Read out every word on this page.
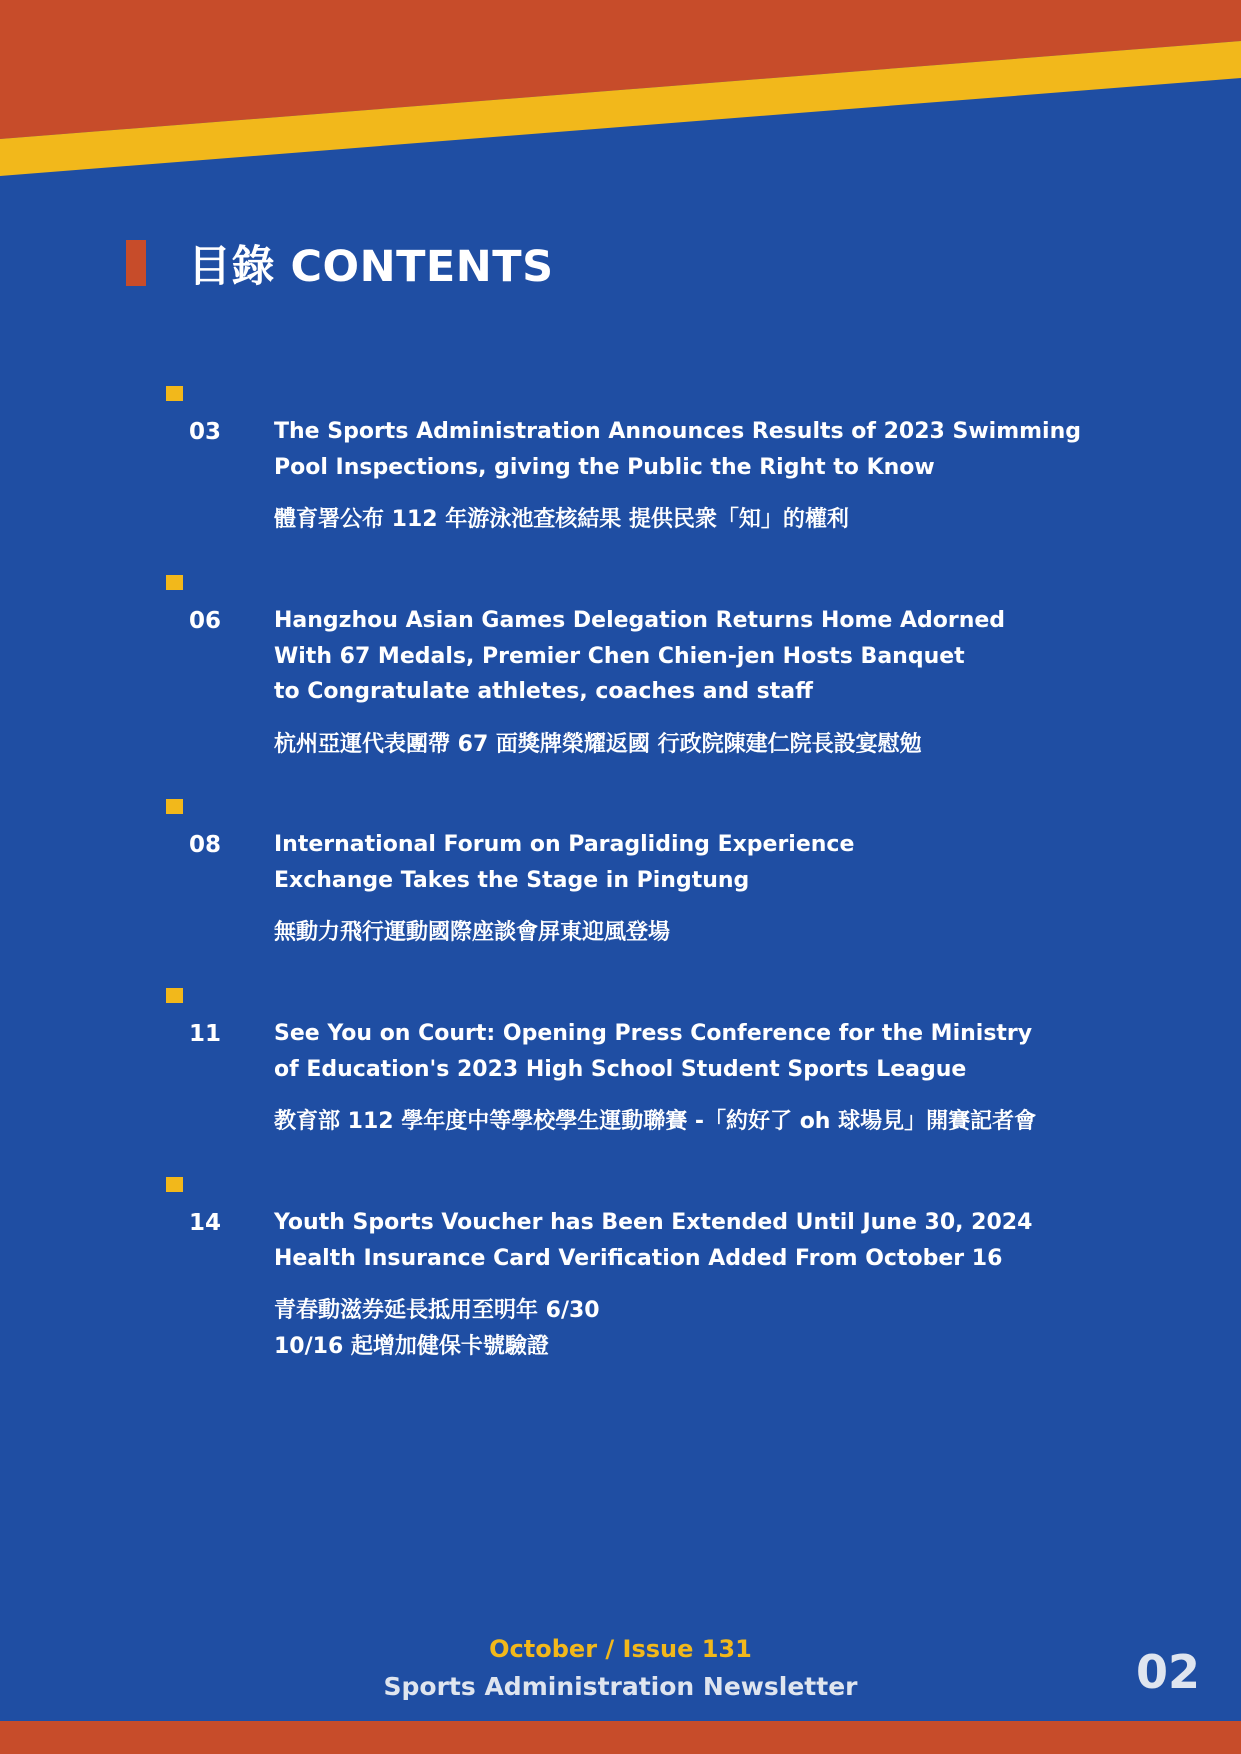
目錄 CONTENTS
03 The Sports Administration Announces Results of 2023 Swimming
Pool Inspections, giving the Public the Right to Know
體育署公布 112 年游泳池查核結果 提供民衆「知」的權利
06 Hangzhou Asian Games Delegation Returns Home Adorned
With 67 Medals, Premier Chen Chien-jen Hosts Banquet
to Congratulate athletes, coaches and staff
杭州亞運代表團帶 67 面獎牌榮耀返國 行政院陳建仁院長設宴慰勉
08 International Forum on Paragliding Experience
Exchange Takes the Stage in Pingtung
無動力飛行運動國際座談會屏東迎風登場
11 See You on Court: Opening Press Conference for the Ministry
of Education's 2023 High School Student Sports League
教育部 112 學年度中等學校學生運動聯賽 -「約好了 oh 球場見」開賽記者會
14 Youth Sports Voucher has Been Extended Until June 30, 2024
Health Insurance Card Verification Added From October 16
青春動滋券延長抵用至明年 6/30
10/16 起增加健保卡號驗證
October / Issue 131
Sports Administration Newsletter	02
